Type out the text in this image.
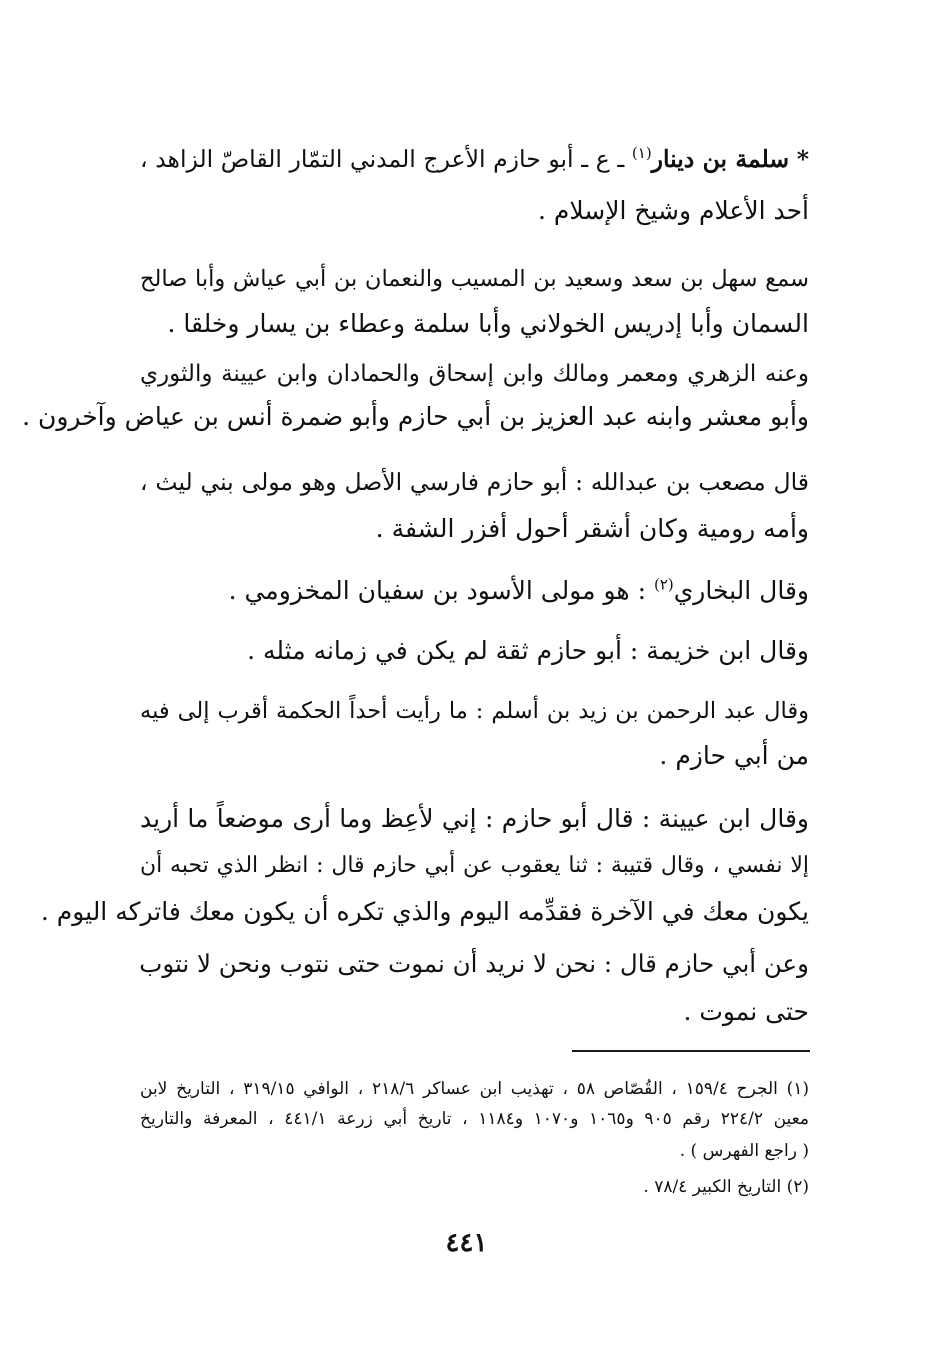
* سلمة بن دينار$^{(١)}$ ـ ع ـ أبو حازم الأعرج المدني التمّار القاصّ الزاهد ،
أحد الأعلام وشيخ الإسلام .
سمع سهل بن سعد وسعيد بن المسيب والنعمان بن أبي عياش وأبا صالح
السمان وأبا إدريس الخولاني وأبا سلمة وعطاء بن يسار وخلقا .
وعنه الزهري ومعمر ومالك وابن إسحاق والحمادان وابن عيينة والثوري
وأبو معشر وابنه عبد العزيز بن أبي حازم وأبو ضمرة أنس بن عياض وآخرون .
قال مصعب بن عبدالله : أبو حازم فارسي الأصل وهو مولى بني ليث ،
وأمه رومية وكان أشقر أحول أفزر الشفة .
وقال البخاري$^{(٢)}$ : هو مولى الأسود بن سفيان المخزومي .
وقال ابن خزيمة : أبو حازم ثقة لم يكن في زمانه مثله .
وقال عبد الرحمن بن زيد بن أسلم : ما رأيت أحداً الحكمة أقرب إلى فيه
من أبي حازم .
وقال ابن عيينة : قال أبو حازم : إني لأعِظ وما أرى موضعاً ما أريد
إلا نفسي ، وقال قتيبة : ثنا يعقوب عن أبي حازم قال : انظر الذي تحبه أن
يكون معك في الآخرة فقدِّمه اليوم والذي تكره أن يكون معك فاتركه اليوم .
وعن أبي حازم قال : نحن لا نريد أن نموت حتى نتوب ونحن لا نتوب
حتى نموت .
(١) الجرح ١٥٩/٤ ، القُصّاص ٥٨ ، تهذيب ابن عساكر ٢١٨/٦ ، الوافي ٣١٩/١٥ ، التاريخ لابن
معين ٢٢٤/٢ رقم ٩٠٥ و١٠٦٥ و١٠٧٠ و١١٨٤ ، تاريخ أبي زرعة ٤٤١/١ ، المعرفة والتاريخ
( راجع الفهرس ) .
(٢) التاريخ الكبير ٧٨/٤ .
٤٤١
